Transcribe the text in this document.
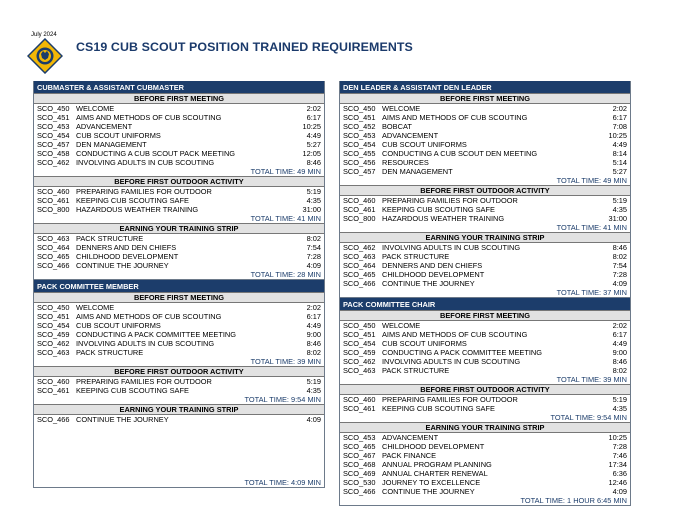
July 2024
CS19 CUB SCOUT POSITION TRAINED REQUIREMENTS
CUBMASTER & ASSISTANT CUBMASTER
BEFORE FIRST MEETING
SCO_450 WELCOME	2:02
SCO_451 AIMS AND METHODS OF CUB SCOUTING	6:17
SCO_453 ADVANCEMENT	10:25
SCO_454 CUB SCOUT UNIFORMS	4:49
SCO_457 DEN MANAGEMENT	5:27
SCO_458 CONDUCTING A CUB SCOUT PACK MEETING	12:05
SCO_462 INVOLVING ADULTS IN CUB SCOUTING	8:46
TOTAL TIME: 49 MIN
BEFORE FIRST OUTDOOR ACTIVITY
SCO_460 PREPARING FAMILIES FOR OUTDOOR	5:19
SCO_461 KEEPING CUB SCOUTING SAFE	4:35
SCO_800 HAZARDOUS WEATHER TRAINING	31:00
TOTAL TIME: 41 MIN
EARNING YOUR TRAINING STRIP
SCO_463 PACK STRUCTURE	8:02
SCO_464 DENNERS AND DEN CHIEFS	7:54
SCO_465 CHILDHOOD DEVELOPMENT	7:28
SCO_466 CONTINUE THE JOURNEY	4:09
TOTAL TIME: 28 MIN
PACK COMMITTEE MEMBER
BEFORE FIRST MEETING
SCO_450 WELCOME	2:02
SCO_451 AIMS AND METHODS OF CUB SCOUTING	6:17
SCO_454 CUB SCOUT UNIFORMS	4:49
SCO_459 CONDUCTING A PACK COMMITTEE MEETING	9:00
SCO_462 INVOLVING ADULTS IN CUB SCOUTING	8:46
SCO_463 PACK STRUCTURE	8:02
TOTAL TIME: 39 MIN
BEFORE FIRST OUTDOOR ACTIVITY
SCO_460 PREPARING FAMILIES FOR OUTDOOR	5:19
SCO_461 KEEPING CUB SCOUTING SAFE	4:35
TOTAL TIME: 9:54 MIN
EARNING YOUR TRAINING STRIP
SCO_466 CONTINUE THE JOURNEY	4:09
TOTAL TIME: 4:09 MIN
DEN LEADER & ASSISTANT DEN LEADER
BEFORE FIRST MEETING
SCO_450 WELCOME	2:02
SCO_451 AIMS AND METHODS OF CUB SCOUTING	6:17
SCO_452 BOBCAT	7:08
SCO_453 ADVANCEMENT	10:25
SCO_454 CUB SCOUT UNIFORMS	4:49
SCO_455 CONDUCTING A CUB SCOUT DEN MEETING	8:14
SCO_456 RESOURCES	5:14
SCO_457 DEN MANAGEMENT	5:27
TOTAL TIME: 49 MIN
BEFORE FIRST OUTDOOR ACTIVITY
SCO_460 PREPARING FAMILIES FOR OUTDOOR	5:19
SCO_461 KEEPING CUB SCOUTING SAFE	4:35
SCO_800 HAZARDOUS WEATHER TRAINING	31:00
TOTAL TIME: 41 MIN
EARNING YOUR TRAINING STRIP
SCO_462 INVOLVING ADULTS IN CUB SCOUTING	8:46
SCO_463 PACK STRUCTURE	8:02
SCO_464 DENNERS AND DEN CHIEFS	7:54
SCO_465 CHILDHOOD DEVELOPMENT	7:28
SCO_466 CONTINUE THE JOURNEY	4:09
TOTAL TIME: 37 MIN
PACK COMMITTEE CHAIR
BEFORE FIRST MEETING
SCO_450 WELCOME	2:02
SCO_451 AIMS AND METHODS OF CUB SCOUTING	6:17
SCO_454 CUB SCOUT UNIFORMS	4:49
SCO_459 CONDUCTING A PACK COMMITTEE MEETING	9:00
SCO_462 INVOLVING ADULTS IN CUB SCOUTING	8:46
SCO_463 PACK STRUCTURE	8:02
TOTAL TIME: 39 MIN
BEFORE FIRST OUTDOOR ACTIVITY
SCO_460 PREPARING FAMILIES FOR OUTDOOR	5:19
SCO_461 KEEPING CUB SCOUTING SAFE	4:35
TOTAL TIME: 9:54 MIN
EARNING YOUR TRAINING STRIP
SCO_453 ADVANCEMENT	10:25
SCO_465 CHILDHOOD DEVELOPMENT	7:28
SCO_467 PACK FINANCE	7:46
SCO_468 ANNUAL PROGRAM PLANNING	17:34
SCO_469 ANNUAL CHARTER RENEWAL	6:36
SCO_530 JOURNEY TO EXCELLENCE	12:46
SCO_466 CONTINUE THE JOURNEY	4:09
TOTAL TIME: 1 HOUR 6:45 MIN
